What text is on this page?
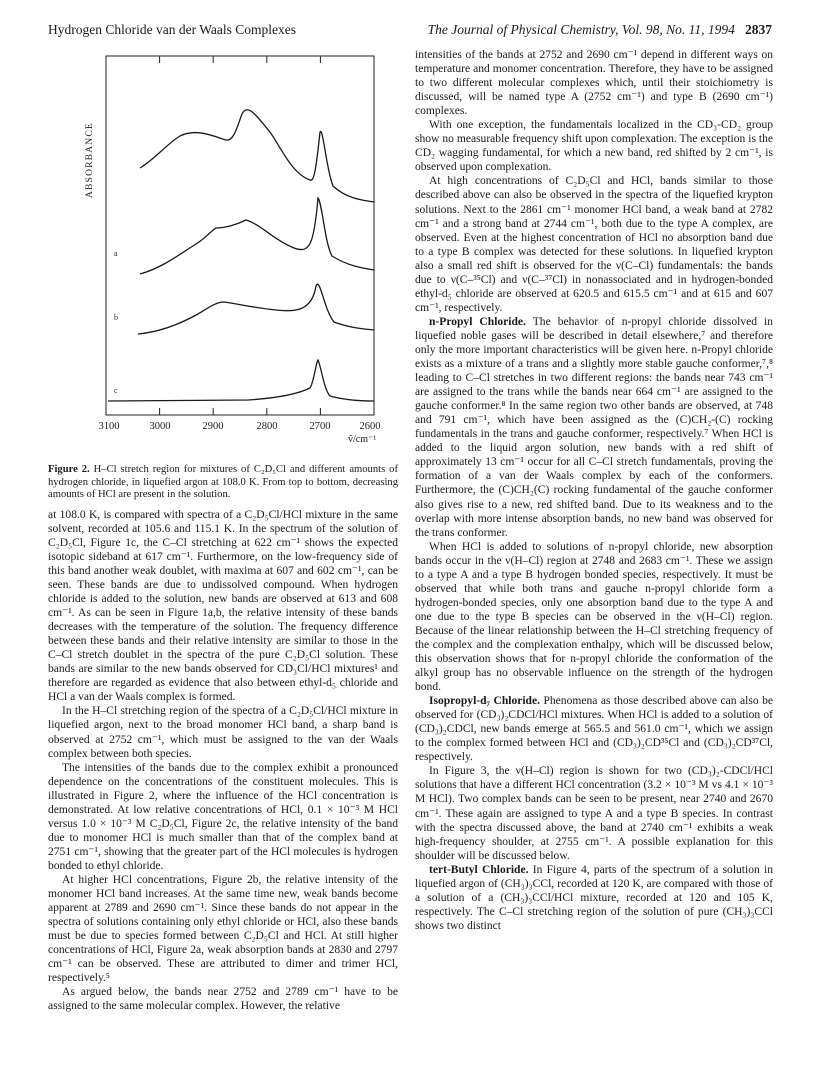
Hydrogen Chloride van der Waals Complexes	The Journal of Physical Chemistry, Vol. 98, No. 11, 1994 2837
ABSORBANCE
3100	3000	2900	2800	2700	2600
ṽ/cm⁻¹
a
b
c
Figure 2. H–Cl stretch region for mixtures of C₂D₅Cl and different amounts of hydrogen chloride, in liquefied argon at 108.0 K. From top to bottom, decreasing amounts of HCl are present in the solution.

at 108.0 K, is compared with spectra of a C₂D₅Cl/HCl mixture in the same solvent, recorded at 105.6 and 115.1 K. In the spectrum of the solution of C₂D₅Cl, Figure 1c, the C–Cl stretching at 622 cm⁻¹ shows the expected isotopic sideband at 617 cm⁻¹. Furthermore, on the low-frequency side of this band another weak doublet, with maxima at 607 and 602 cm⁻¹, can be seen. These bands are due to undissolved compound. When hydrogen chloride is added to the solution, new bands are observed at 613 and 608 cm⁻¹. As can be seen in Figure 1a,b, the relative intensity of these bands decreases with the temperature of the solution. The frequency difference between these bands and their relative intensity are similar to those in the C–Cl stretch doublet in the spectra of the pure C₂D₅Cl solution. These bands are similar to the new bands observed for CD₃Cl/HCl mixtures¹ and therefore are regarded as evidence that also between ethyl-d₅ chloride and HCl a van der Waals complex is formed.

In the H–Cl stretching region of the spectra of a C₂D₅Cl/HCl mixture in liquefied argon, next to the broad monomer HCl band, a sharp band is observed at 2752 cm⁻¹, which must be assigned to the van der Waals complex between both species.

The intensities of the bands due to the complex exhibit a pronounced dependence on the concentrations of the constituent molecules. This is illustrated in Figure 2, where the influence of the HCl concentration is demonstrated. At low relative concentrations of HCl, 0.1 × 10⁻³ M HCl versus 1.0 × 10⁻³ M C₂D₅Cl, Figure 2c, the relative intensity of the band due to monomer HCl is much smaller than that of the complex band at 2751 cm⁻¹, showing that the greater part of the HCl molecules is hydrogen bonded to ethyl chloride.

At higher HCl concentrations, Figure 2b, the relative intensity of the monomer HCl band increases. At the same time new, weak bands become apparent at 2789 and 2690 cm⁻¹. Since these bands do not appear in the spectra of solutions containing only ethyl chloride or HCl, also these bands must be due to species formed between C₂D₅Cl and HCl. At still higher concentrations of HCl, Figure 2a, weak absorption bands at 2830 and 2797 cm⁻¹ can be observed. These are attributed to dimer and trimer HCl, respectively.⁵

As argued below, the bands near 2752 and 2789 cm⁻¹ have to be assigned to the same molecular complex. However, the relative

intensities of the bands at 2752 and 2690 cm⁻¹ depend in different ways on temperature and monomer concentration. Therefore, they have to be assigned to two different molecular complexes which, until their stoichiometry is discussed, will be named type A (2752 cm⁻¹) and type B (2690 cm⁻¹) complexes.

With one exception, the fundamentals localized in the CD₃-CD₂ group show no measurable frequency shift upon complexation. The exception is the CD₂ wagging fundamental, for which a new band, red shifted by 2 cm⁻¹, is observed upon complexation.

At high concentrations of C₂D₅Cl and HCl, bands similar to those described above can also be observed in the spectra of the liquefied krypton solutions. Next to the 2861 cm⁻¹ monomer HCl band, a weak band at 2782 cm⁻¹ and a strong band at 2744 cm⁻¹, both due to the type A complex, are observed. Even at the highest concentration of HCl no absorption band due to a type B complex was detected for these solutions. In liquefied krypton also a small red shift is observed for the ν(C–Cl) fundamentals: the bands due to ν(C–³⁵Cl) and ν(C–³⁷Cl) in nonassociated and in hydrogen-bonded ethyl-d₅ chloride are observed at 620.5 and 615.5 cm⁻¹ and at 615 and 607 cm⁻¹, respectively.

n-Propyl Chloride. The behavior of n-propyl chloride dissolved in liquefied noble gases will be described in detail elsewhere,⁷ and therefore only the more important characteristics will be given here. n-Propyl chloride exists as a mixture of a trans and a slightly more stable gauche conformer,⁷,⁸ leading to C–Cl stretches in two different regions: the bands near 743 cm⁻¹ are assigned to the trans while the bands near 664 cm⁻¹ are assigned to the gauche conformer.⁸ In the same region two other bands are observed, at 748 and 791 cm⁻¹, which have been assigned as the (C)CH₂-(C) rocking fundamentals in the trans and gauche conformer, respectively.⁷ When HCl is added to the liquid argon solution, new bands with a red shift of approximately 13 cm⁻¹ occur for all C–Cl stretch fundamentals, proving the formation of a van der Waals complex by each of the conformers. Furthermore, the (C)CH₂(C) rocking fundamental of the gauche conformer also gives rise to a new, red shifted band. Due to its weakness and to the overlap with more intense absorption bands, no new band was observed for the trans conformer.

When HCl is added to solutions of n-propyl chloride, new absorption bands occur in the ν(H–Cl) region at 2748 and 2683 cm⁻¹. These we assign to a type A and a type B hydrogen bonded species, respectively. It must be observed that while both trans and gauche n-propyl chloride form a hydrogen-bonded species, only one absorption band due to the type A and one due to the type B species can be observed in the ν(H–Cl) region. Because of the linear relationship between the H–Cl stretching frequency of the complex and the complexation enthalpy, which will be discussed below, this observation shows that for n-propyl chloride the conformation of the alkyl group has no observable influence on the strength of the hydrogen bond.

Isopropyl-d₇ Chloride. Phenomena as those described above can also be observed for (CD₃)₂CDCl/HCl mixtures. When HCl is added to a solution of (CD₃)₂CDCl, new bands emerge at 565.5 and 561.0 cm⁻¹, which we assign to the complex formed between HCl and (CD₃)₂CD³⁵Cl and (CD₃)₂CD³⁷Cl, respectively.

In Figure 3, the ν(H–Cl) region is shown for two (CD₃)₂-CDCl/HCl solutions that have a different HCl concentration (3.2 × 10⁻³ M vs 4.1 × 10⁻³ M HCl). Two complex bands can be seen to be present, near 2740 and 2670 cm⁻¹. These again are assigned to type A and a type B species. In contrast with the spectra discussed above, the band at 2740 cm⁻¹ exhibits a weak high-frequency shoulder, at 2755 cm⁻¹. A possible explanation for this shoulder will be discussed below.

tert-Butyl Chloride. In Figure 4, parts of the spectrum of a solution in liquefied argon of (CH₃)₃CCl, recorded at 120 K, are compared with those of a solution of a (CH₃)₃CCl/HCl mixture, recorded at 120 and 105 K, respectively. The C–Cl stretching region of the solution of pure (CH₃)₃CCl shows two distinct
